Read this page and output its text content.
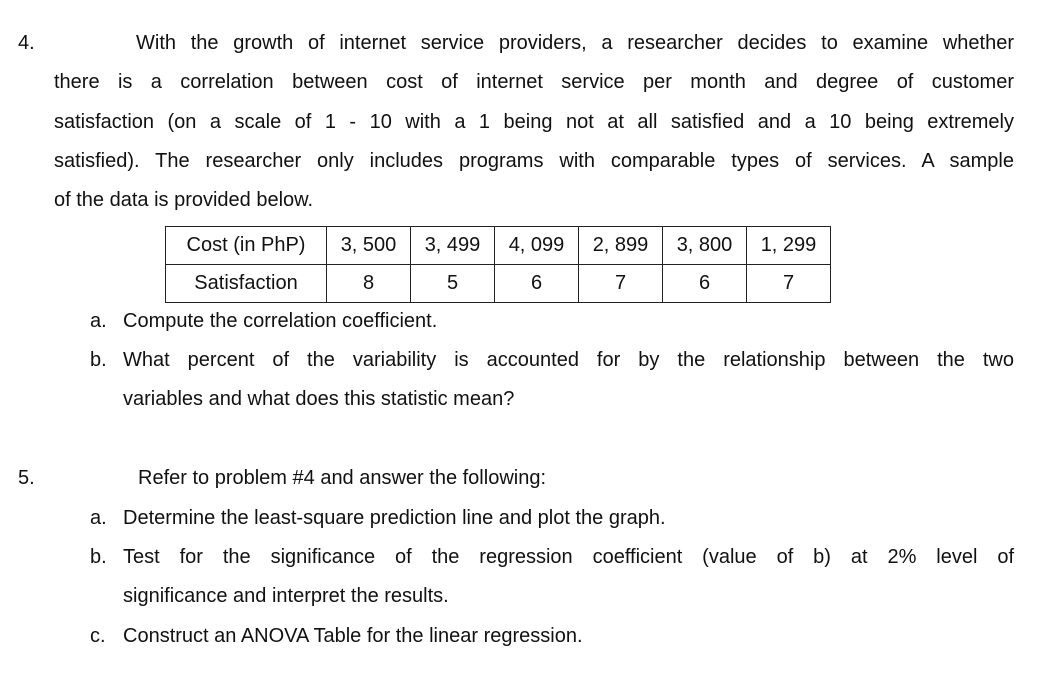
4.	With the growth of internet service providers, a researcher decides to examine whether
there is a correlation between cost of internet service per month and degree of customer
satisfaction (on a scale of 1 - 10 with a 1 being not at all satisfied and a 10 being extremely
satisfied). The researcher only includes programs with comparable types of services. A sample
of the data is provided below.
Cost (in PhP)	3, 500	3, 499	4, 099	2, 899	3, 800	1, 299
Satisfaction	8	5	6	7	6	7
a. Compute the correlation coefficient.
b. What percent of the variability is accounted for by the relationship between the two
variables and what does this statistic mean?
5.	Refer to problem #4 and answer the following:
a. Determine the least-square prediction line and plot the graph.
b. Test for the significance of the regression coefficient (value of b) at 2% level of
significance and interpret the results.
c. Construct an ANOVA Table for the linear regression.
